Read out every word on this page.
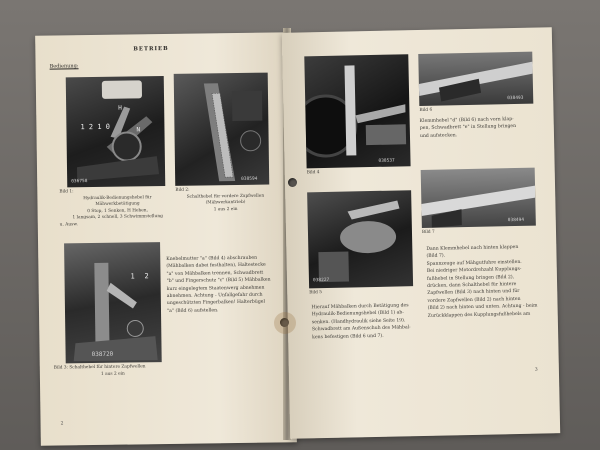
BETRIEB
Bedienung:
1 2 1 0
H
N
036758	038594
Bild 1:
Hydraulik-Bedienungshebel für
Mähwerkbetätigung
0 Stop, 1 Senken, H Heben,
1 langsam, 2 schnell, 3 Schwimmstellung
u. Ausw.
Bild 2:
Schalthebel für vordere Zapfwellen
(Mähwerkantrieb)
1 aus 2 ein
1 2
038720
Bild 3: Schalthebel für hintere Zapfwellen
1 aus 2 ein
Knebelmutter "a" (Bild 4) abschrauben
(Mähbalken dabei festhalten), Haltestecke
"a" von Mähbalken trennen, Schwadbrett
"b" und Fingerschutz "c" (Bild 5) Mähbalken
kurz eingelegtem Staatenwerg abnehmen
abnehmen. Achtung - Unfallgefahr durch
ungeschützten Fingerbalken! Halterbügel
"a" (Bild 6) aufstellen.
2
038537
Bild 4
038493
Bild 6
Klemmhebel "d" (Bild 6) nach vorn klap-
pen, Schwadbrett "e" in Stellung bringen
und aufstecken.
038494
Bild 7
038227
Bild 5
Hierauf Mähbalken durch Betätigung des
Hydraulik-Bedienungshebel (Bild 1) ab-
senken. (Handhydraulik siehe Seite 19).
Schwadbrett am Außenschuh des Mähbal-
kens befestigen (Bild 6 und 7).
Dann Klemmhebel nach hinten klappen
(Bild 7).
Spannzeuge auf Mähgutfuhre einstellen.
Bei niedriger Motordrehzahl Kupplungs-
fußhebel in Stellung bringen (Bild 2),
drücken, dann Schalthebel für hintere
Zapfwellen (Bild 3) nach hinten und für
vordere Zapfwellen (Bild 2) nach hinten
(Bild 2) nach hinten und unten. Achtung - beim
Zurückklappen des Kupplungsfußhebels am
3
